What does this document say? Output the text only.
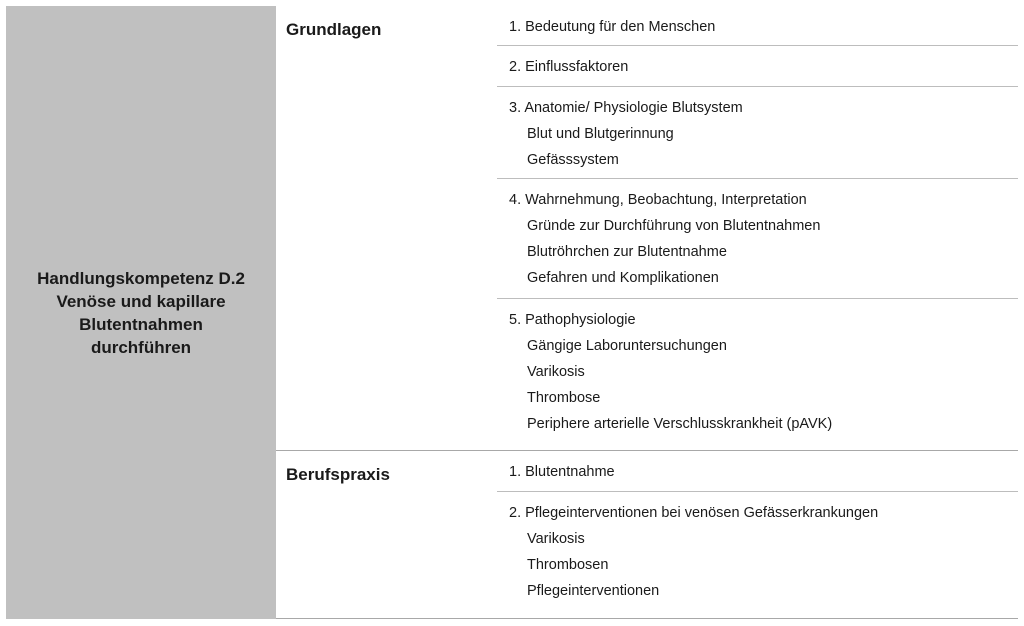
Handlungskompetenz D.2
Venöse und kapillare
Blutentnahmen
durchführen
Grundlagen	1. Bedeutung für den Menschen
2. Einflussfaktoren
3. Anatomie/ Physiologie Blutsystem
Blut und Blutgerinnung
Gefässsystem
4. Wahrnehmung, Beobachtung, Interpretation
Gründe zur Durchführung von Blutentnahmen
Blutröhrchen zur Blutentnahme
Gefahren und Komplikationen
5. Pathophysiologie
Gängige Laboruntersuchungen
Varikosis
Thrombose
Periphere arterielle Verschlusskrankheit (pAVK)
Berufspraxis	1. Blutentnahme
2. Pflegeinterventionen bei venösen Gefässerkrankungen
Varikosis
Thrombosen
Pflegeinterventionen
